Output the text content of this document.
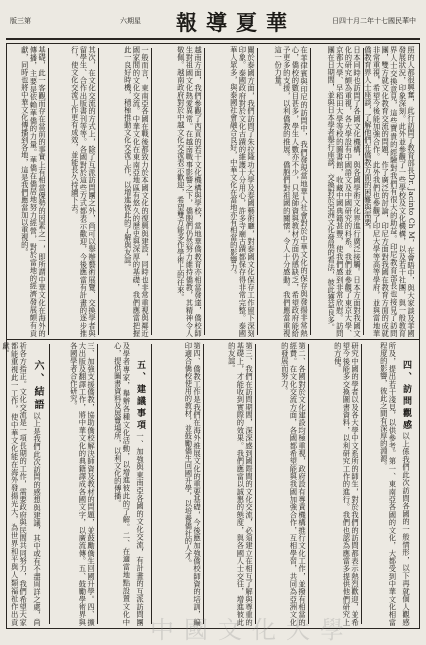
版三第	六期星 報導夏華	日四十月二年十七國民華中
照的人都很興奮，此行訪問了教育部長Dr. Jacinto Ch M，在會晤中，與大家談及菲國發展狀況，印象深刻。此外並參觀了一些學校及文化機構，以及若干社團，與一般教育界人士交換意見，這些寶貴的經驗對我們有很大的助益。印尼教育部長也接見了訪問團，雙方就文化教育交流的問題，作了廣泛的討論，印尼方面對我國在教育方面的成就非常重視，希望今後能加強合作。此外我們也參觀了印尼大學等高等學府，並與當地華僑教育界人士座談，了解他們在僑教方面的困難與需要。
日本同時也訪問了各國文化機構，與各國學術文化界進行廣泛接觸。日本方面對我國文化的研究頗為重視，各大學設有中國語文及中國研究的科系。我們並參觀了東京大學、京都大學、早稻田大學等校的圖書館，收藏中國典籍甚豐，使我們感到非常欣慰。訪問團在日期間，並與日本學者舉行座談，交換對於亞洲文化發展的看法，彼此獲益良多。
在菲律賓與印尼的訪問中，我們發現當地華人社會對於中華文化的保存與發揚非常熱心，僑校的數目甚多，學生人數亦不少，只是師資與教材方面仍感缺乏，希望政府能給予更多的支援，以利僑教的推展。僑胞們對祖國的關懷，令人十分感動。我們應當重視這一份力量。
關於泰國方面，我們訪問了朱拉隆功大學及泰國藝術廳，對泰國文化保存工作留下深刻印象。泰國政府對於文化古蹟的維護十分用心，許多寺廟古蹟都保存得非常完整。泰國華人眾多，與泰國社會融合良好，中華文化在當地亦有相當的影響力。
越南方面，我們參觀了西貢的若干文化機構與學校，當地華僑教育亦相當發達，僑校師生對祖國文化熱愛異常。在越南戰事影響之下，僑胞們仍然努力維持僑教，其精神令人敬佩。越南政府對於中越文化交流表示歡迎，希望雙方能多作學術上的往來。
一般而言，東南亞各國在戰後都致力於本國文化的復興與建設，同時也非常重視與鄰近國家間的文化交流。中華文化在東南亞地區有悠久的歷史與深厚的基礎，我們應當把握此一良好時機，積極推動文化交流工作，以增進彼此的了解與友誼。
其次，在文化交流的方式上，除了互派訪問團之外，尚可以舉辦藝術展覽、交換學者與留學生、合作出版書刊等等。各國對於這些方式都表示歡迎，今後應當有計畫的逐步推行，使文化交流工作更有成效，並能長久持續下去。
基礎，此一客觀而存在當前的事實上有相當優勢的因素之一，即所謂中華文化在海外的傳播，主要是依賴華僑的力量。華僑在僑居地努力經營，對於當地的經濟發展頗有貢獻，同時也將中華文化傳播到各地，這是我們應當加以重視的。
四、訪問觀感以上係我們此次訪問各國的一般情形，以下再就個人觀感所及，提出若干淺見，以供參考。第一、東南亞各國的文化，大都受到中華文化相當程度的影響，彼此之間有深厚的淵源。
研究中國的學者以及各大學中文系所的師生，對於我們的訪問都表示熱烈歡迎，並希望今後能多交換圖書資料，以利研究工作的進行。我們也認為應當多提供他們研究上的方便。
第二、各國對於文化建設均極重視，政府設有專責機構推行文化工作，並撥有相當的經費。在文化交流方面，各國都希望能與我國加強合作，互相學習，共同為亞洲文化的發展而努力。
第三、我們在訪問期間，深深感到國際間的文化交流，必須建立在相互了解與尊重的基礎上，才能收到實際的效果。我們應當以誠懇的態度，與各國人士交往，增進彼此的友誼。
第四、僑教工作是我們在海外推展文化的重要基礎，今後應加強僑校師資的培訓，編印適合僑校使用的教材，並鼓勵僑生回國升學，以培養僑社的人才。
五、建議事項一、加強與東南亞各國的文化交流，有計畫的互派訪問團及學者專家，舉辦各種文化活動，以增進彼此的了解。二、在適當地點設置文化中心，提供圖書資料及展覽場所，以利文化的傳播。
三、加強支援僑教，協助僑校解決師資及教材的問題，並鼓勵僑生回國升學。四、擴大出版及翻譯工作，將中華文化的典籍譯成各國文字，以廣流傳。五、鼓勵學術界與各國學者合作研究。
六、結語以上是我們此次訪問的感想與建議，其中或有不盡周詳之處，尚祈各方指正。文化交流是一項長期的工作，需要政府與民間共同努力，我們希望大家都能重視此一工作，使中華文化能在海外發揚光大，為世界和平與人類福祉作出貢獻。
中國文化大學
